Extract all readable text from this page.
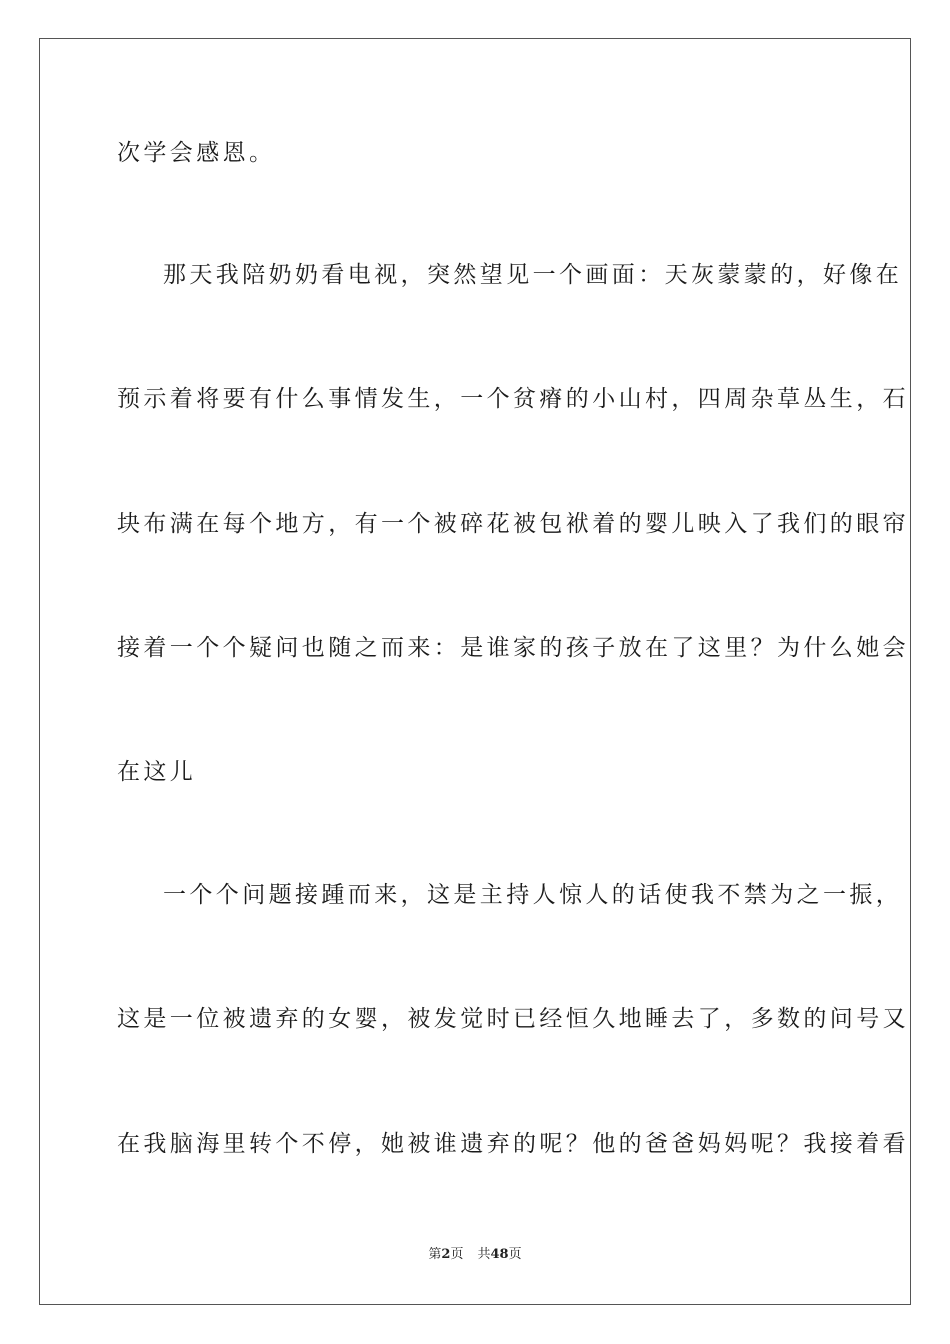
次学会感恩。
那天我陪奶奶看电视，突然望见一个画面：天灰蒙蒙的，好像在
预示着将要有什么事情发生，一个贫瘠的小山村，四周杂草丛生，石
块布满在每个地方，有一个被碎花被包袱着的婴儿映入了我们的眼帘
接着一个个疑问也随之而来：是谁家的孩子放在了这里？为什么她会
在这儿
一个个问题接踵而来，这是主持人惊人的话使我不禁为之一振，
这是一位被遗弃的女婴，被发觉时已经恒久地睡去了，多数的问号又
在我脑海里转个不停，她被谁遗弃的呢？他的爸爸妈妈呢？我接着看
第2页 共48页
